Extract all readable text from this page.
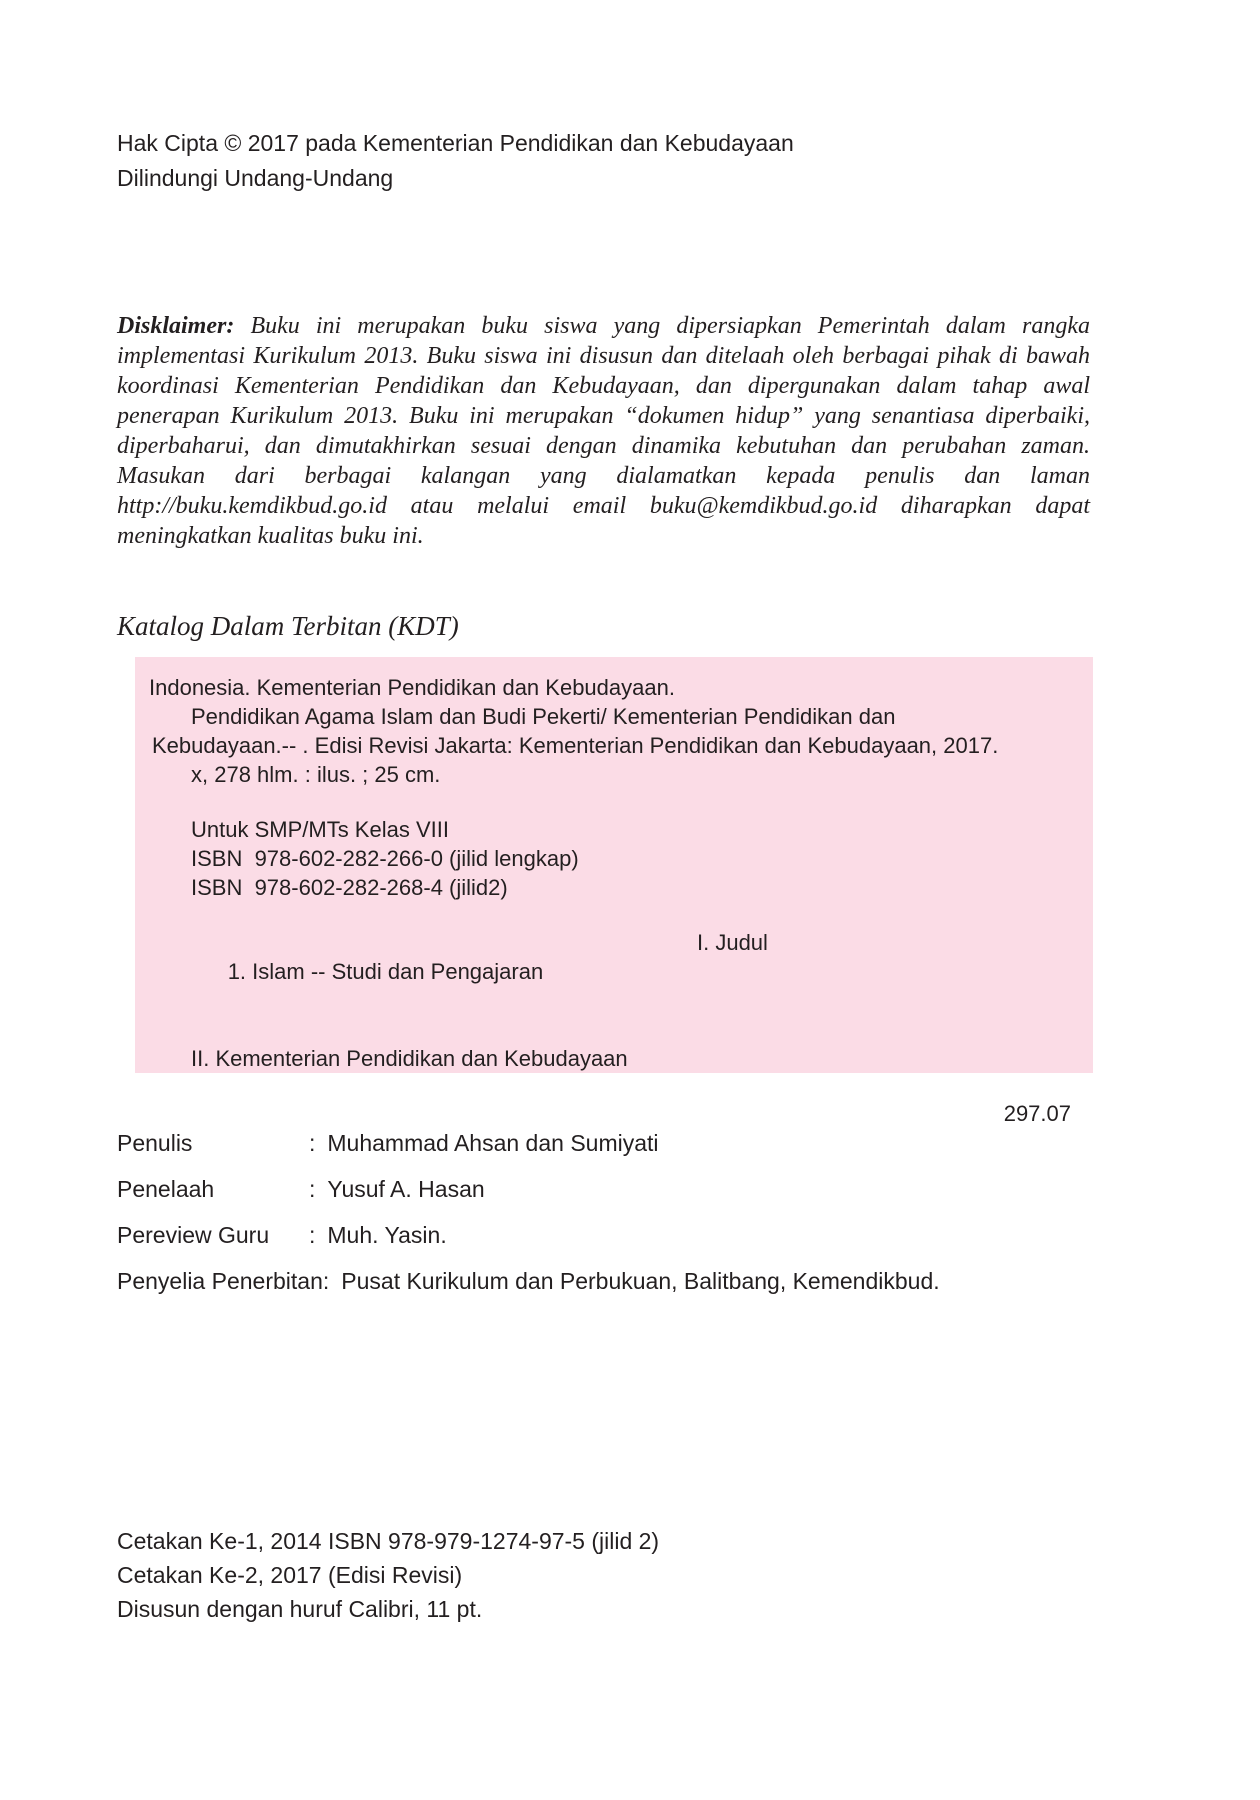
Hak Cipta © 2017 pada Kementerian Pendidikan dan Kebudayaan
Dilindungi Undang-Undang

Disklaimer: Buku ini merupakan buku siswa yang dipersiapkan Pemerintah dalam rangka implementasi Kurikulum 2013. Buku siswa ini disusun dan ditelaah oleh berbagai pihak di bawah koordinasi Kementerian Pendidikan dan Kebudayaan, dan dipergunakan dalam tahap awal penerapan Kurikulum 2013. Buku ini merupakan “dokumen hidup” yang senantiasa diperbaiki, diperbaharui, dan dimutakhirkan sesuai dengan dinamika kebutuhan dan perubahan zaman. Masukan dari berbagai kalangan yang dialamatkan kepada penulis dan laman http://buku.kemdikbud.go.id atau melalui email buku@kemdikbud.go.id diharapkan dapat meningkatkan kualitas buku ini.

Katalog Dalam Terbitan (KDT)
Indonesia. Kementerian Pendidikan dan Kebudayaan.
Pendidikan Agama Islam dan Budi Pekerti/ Kementerian Pendidikan dan
Kebudayaan.-- . Edisi Revisi Jakarta: Kementerian Pendidikan dan Kebudayaan, 2017.
x, 278 hlm. : ilus. ; 25 cm.
Untuk SMP/MTs Kelas VIII
ISBN  978-602-282-266-0 (jilid lengkap)
ISBN  978-602-282-268-4 (jilid2)

1. Islam -- Studi dan Pengajaran

I. Judul

II. Kementerian Pendidikan dan Kebudayaan
297.07
Penulis	: Muhammad Ahsan dan Sumiyati
Penelaah	: Yusuf A. Hasan
Pereview Guru	: Muh. Yasin.
Penyelia Penerbitan : Pusat Kurikulum dan Perbukuan, Balitbang, Kemendikbud.
Cetakan Ke-1, 2014 ISBN 978-979-1274-97-5 (jilid 2)
Cetakan Ke-2, 2017 (Edisi Revisi)
Disusun dengan huruf Calibri, 11 pt.
